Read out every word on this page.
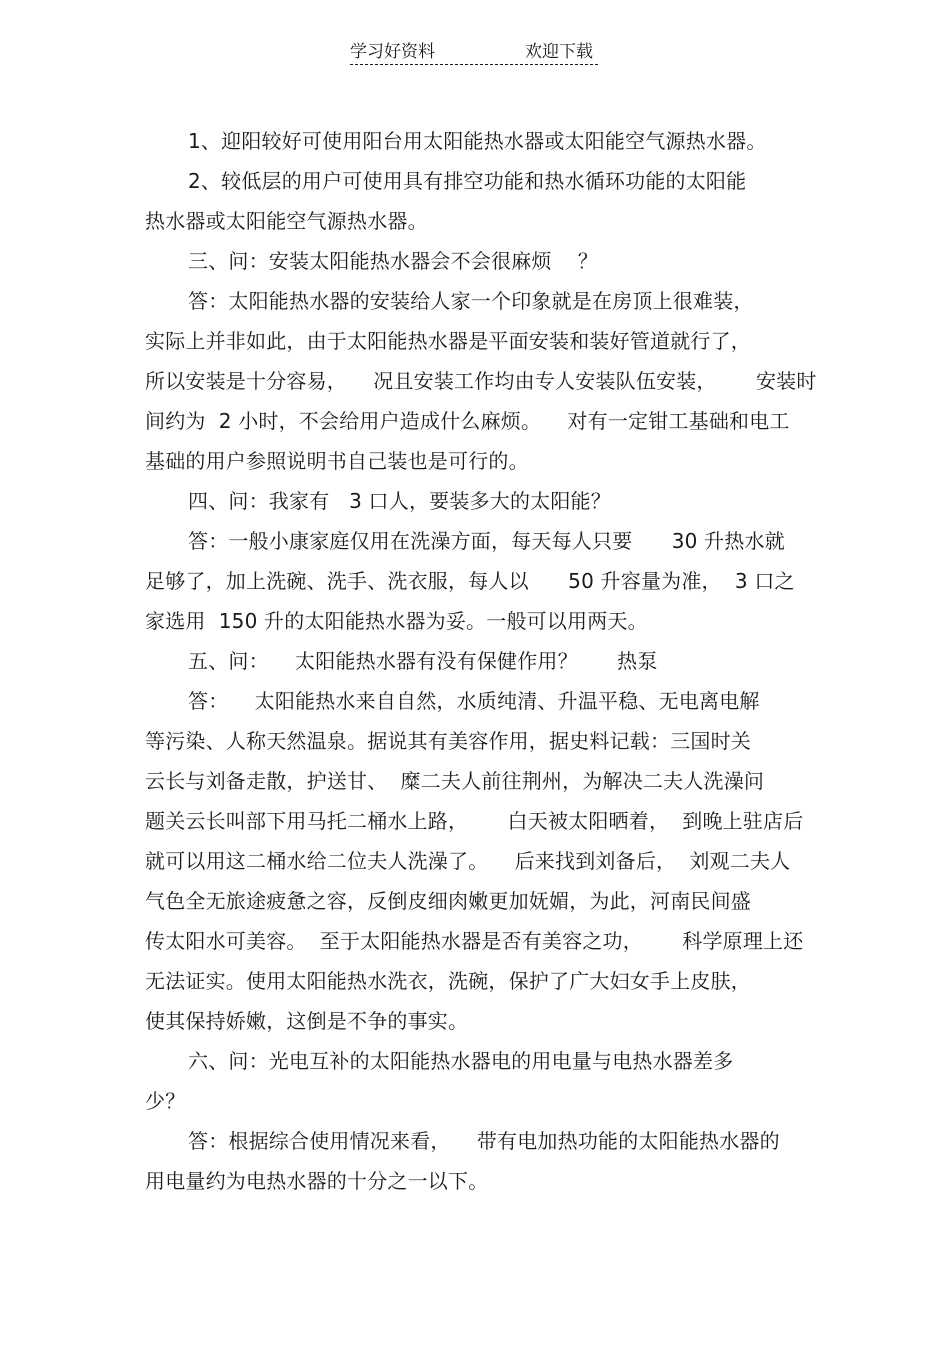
学习好资料	欢迎下载
1、迎阳较好可使用阳台用太阳能热水器或太阳能空气源热水器。
2、较低层的用户可使用具有排空功能和热水循环功能的太阳能
热水器或太阳能空气源热水器。
三、问：安装太阳能热水器会不会很麻烦    ？
答：太阳能热水器的安装给人家一个印象就是在房顶上很难装，
实际上并非如此，由于太阳能热水器是平面安装和装好管道就行了，
所以安装是十分容易，    况且安装工作均由专人安装队伍安装，      安装时
间约为  2 小时，不会给用户造成什么麻烦。    对有一定钳工基础和电工
基础的用户参照说明书自己装也是可行的。
四、问：我家有   3 口人，要装多大的太阳能？
答：一般小康家庭仅用在洗澡方面，每天每人只要      30 升热水就
足够了，加上洗碗、洗手、洗衣服，每人以      50 升容量为准，  3 口之
家选用  150 升的太阳能热水器为妥。一般可以用两天。
五、问：    太阳能热水器有没有保健作用？      热泵
答：    太阳能热水来自自然，水质纯清、升温平稳、无电离电解
等污染、人称天然温泉。据说其有美容作用，据史料记载：三国时关
云长与刘备走散，护送甘、  糜二夫人前往荆州，为解决二夫人洗澡问
题关云长叫部下用马托二桶水上路，      白天被太阳晒着，  到晚上驻店后
就可以用这二桶水给二位夫人洗澡了。    后来找到刘备后，  刘观二夫人
气色全无旅途疲惫之容，反倒皮细肉嫩更加妩媚，为此，河南民间盛
传太阳水可美容。  至于太阳能热水器是否有美容之功，      科学原理上还
无法证实。使用太阳能热水洗衣，洗碗，保护了广大妇女手上皮肤，
使其保持娇嫩，这倒是不争的事实。
六、问：光电互补的太阳能热水器电的用电量与电热水器差多
少？
答：根据综合使用情况来看，    带有电加热功能的太阳能热水器的
用电量约为电热水器的十分之一以下。
